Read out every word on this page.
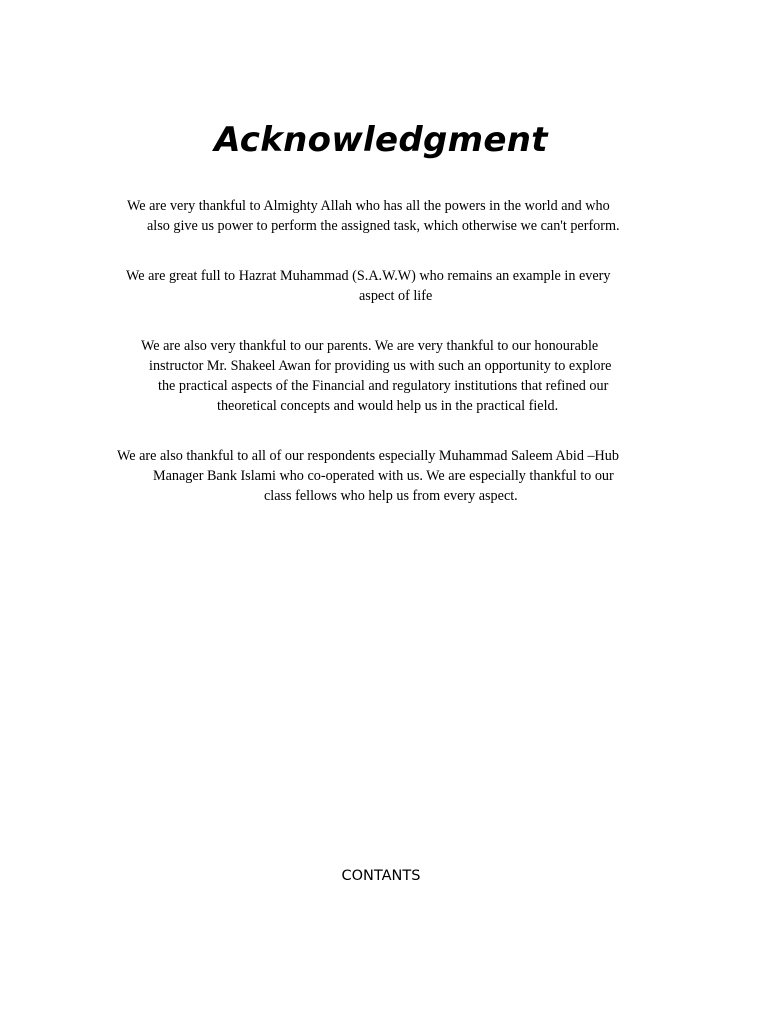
Acknowledgment
We are very thankful to Almighty Allah who has all the powers in the world and who
also give us power to perform the assigned task, which otherwise we can't perform.
We are great full to Hazrat Muhammad (S.A.W.W) who remains an example in every
aspect of life
We are also very thankful to our parents. We are very thankful to our honourable
instructor Mr. Shakeel Awan for providing us with such an opportunity to explore
the practical aspects of the Financial and regulatory institutions that refined our
theoretical concepts and would help us in the practical field.
We are also thankful to all of our respondents especially Muhammad Saleem Abid –Hub
Manager Bank Islami who co-operated with us. We are especially thankful to our
class fellows who help us from every aspect.
CONTANTS
